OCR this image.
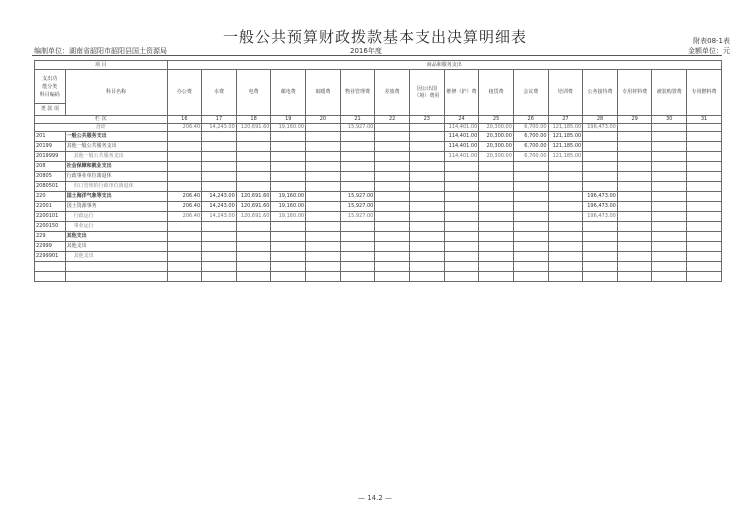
一般公共预算财政拨款基本支出决算明细表	附表08-1表
编制单位：湖南省韶阳市韶阳县国土资源局	2016年度	金额单位：元
项 目		商品和服务支出															
支出功
能分类
科目编码	科目名称	办公费	水费	电费	邮电费	取暖费	物业管理费	差旅费	因公出国（境）费用	维修（护）费	租赁费	会议费	培训费	公务接待费	专用材料费	被装购置费	专用燃料费
类 款 项																	
栏 次		16	17	18	19	20	21	22	23	24	25	26	27	28	29	30	31
合计		206.40	14,243.00	120,691.60	19,160.00		15,927.00			114,401.00	20,300.00	6,700.00	121,185.00	196,473.00			
201	一般公共服务支出									114,401.00	20,300.00	6,700.00	121,185.00				
20199	其他一般公共服务支出									114,401.00	20,300.00	6,700.00	121,185.00				
2019999	其他一般公共服务支出									114,401.00	20,300.00	6,700.00	121,185.00				
208	社会保障和就业支出																
20805	行政事业单位离退休																
2080501	归口管理的行政单位离退休																
220	国土海洋气象等支出	206.40	14,243.00	120,691.60	19,160.00		15,927.00							196,473.00			
22001	国土资源事务	206.40	14,243.00	120,691.60	19,160.00		15,927.00							196,473.00			
2200101	行政运行	206.40	14,243.00	120,691.60	19,160.00		15,927.00							196,473.00			
2200150	事业运行																
229	其他支出																
22999	其他支出																
2299901	其他支出																

— 14.2 —
